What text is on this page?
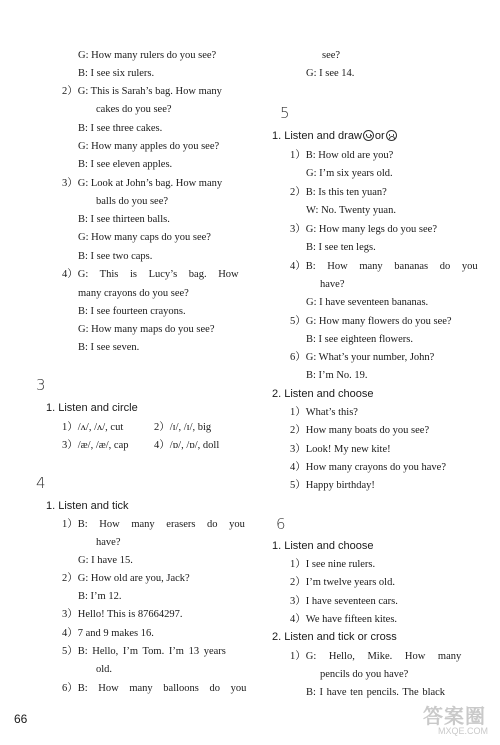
G: How many rulers do you see?
B: I see six rulers.
2）G: This is Sarah’s bag. How many
cakes do you see?
B: I see three cakes.
G: How many apples do you see?
B: I see eleven apples.
3）G: Look at John’s bag. How many
balls do you see?
B: I see thirteen balls.
G: How many caps do you see?
B: I see two caps.
4）G: This is Lucy’s bag. How
many crayons do you see?
B: I see fourteen crayons.
G: How many maps do you see?
B: I see seven.
3
1. Listen and circle
1）/ʌ/, /ʌ/, cut	2）/ɪ/, /ɪ/, big
3）/æ/, /æ/, cap 4）/ɒ/, /ɒ/, doll
4
1. Listen and tick
1）B: How many erasers do you
have?
G: I have 15.
2）G: How old are you, Jack?
B: I’m 12.
3）Hello! This is 87664297.
4）7 and 9 makes 16.
5）B: Hello, I’m Tom. I’m 13 years
old.
6）B: How many balloons do you
see?
G: I see 14.
5
1. Listen and draw or
1）B: How old are you?
G: I’m six years old.
2）B: Is this ten yuan?
W: No. Twenty yuan.
3）G: How many legs do you see?
B: I see ten legs.
4）B: How many bananas do you
have?
G: I have seventeen bananas.
5）G: How many flowers do you see?
B: I see eighteen flowers.
6）G: What’s your number, John?
B: I’m No. 19.
2. Listen and choose
1）What’s this?
2）How many boats do you see?
3）Look! My new kite!
4）How many crayons do you have?
5）Happy birthday!
6
1. Listen and choose
1）I see nine rulers.
2）I’m twelve years old.
3）I have seventeen cars.
4）We have fifteen kites.
2. Listen and tick or cross
1）G: Hello, Mike. How many
pencils do you have?
B: I have ten pencils. The black
66	答案圈
MXQE.COM
